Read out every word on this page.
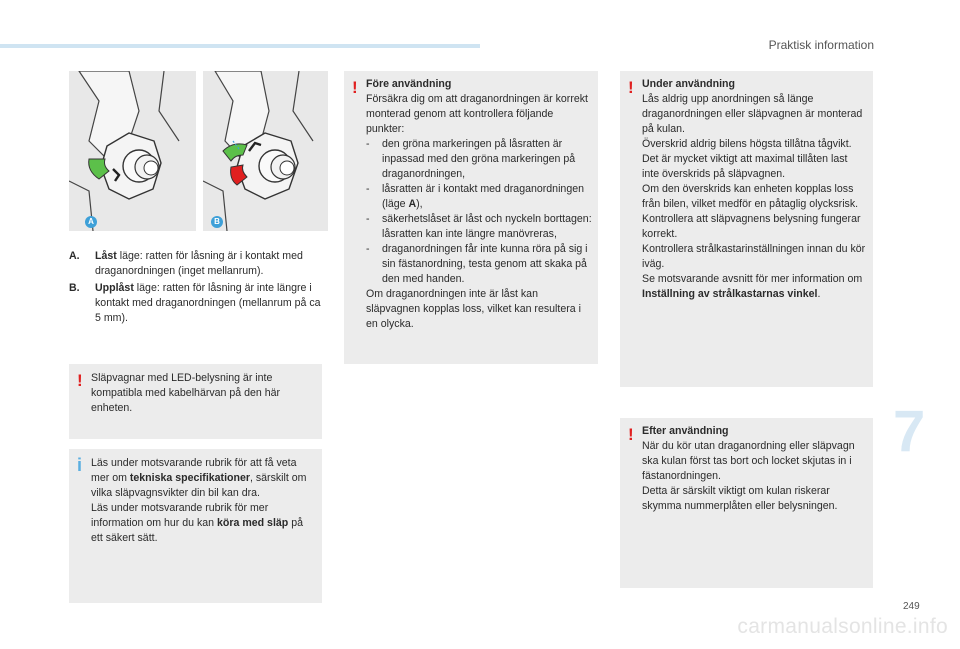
Praktisk information
A	B
A. Låst läge: ratten för låsning är i kontakt med draganordningen (inget mellanrum).
B. Upplåst läge: ratten för låsning är inte längre i kontakt med draganordningen (mellanrum på ca 5 mm).
! Släpvagnar med LED-belysning är inte kompatibla med kabelhärvan på den här enheten.

i Läs under motsvarande rubrik för att få veta mer om tekniska specifikationer, särskilt om vilka släpvagnsvikter din bil kan dra.

Läs under motsvarande rubrik för mer information om hur du kan köra med släp på ett säkert sätt.

! Före användning

Försäkra dig om att draganordningen är korrekt monterad genom att kontrollera följande punkter:

- den gröna markeringen på låsratten är inpassad med den gröna markeringen på draganordningen,
- låsratten är i kontakt med draganordningen (läge A),
- säkerhetslåset är låst och nyckeln borttagen: låsratten kan inte längre manövreras,
- draganordningen får inte kunna röra på sig i sin fästanordning, testa genom att skaka på den med handen.

Om draganordningen inte är låst kan släpvagnen kopplas loss, vilket kan resultera i en olycka.

! Under användning

Lås aldrig upp anordningen så länge draganordningen eller släpvagnen är monterad på kulan.

Överskrid aldrig bilens högsta tillåtna tågvikt.

Det är mycket viktigt att maximal tillåten last inte överskrids på släpvagnen.

Om den överskrids kan enheten kopplas loss från bilen, vilket medför en påtaglig olycksrisk.

Kontrollera att släpvagnens belysning fungerar korrekt.

Kontrollera strålkastarinställningen innan du kör iväg.

Se motsvarande avsnitt för mer information om Inställning av strålkastarnas vinkel.

! Efter användning

När du kör utan draganordning eller släpvagn ska kulan först tas bort och locket skjutas in i fästanordningen.

Detta är särskilt viktigt om kulan riskerar skymma nummerplåten eller belysningen.

7
249
carmanualsonline.info
